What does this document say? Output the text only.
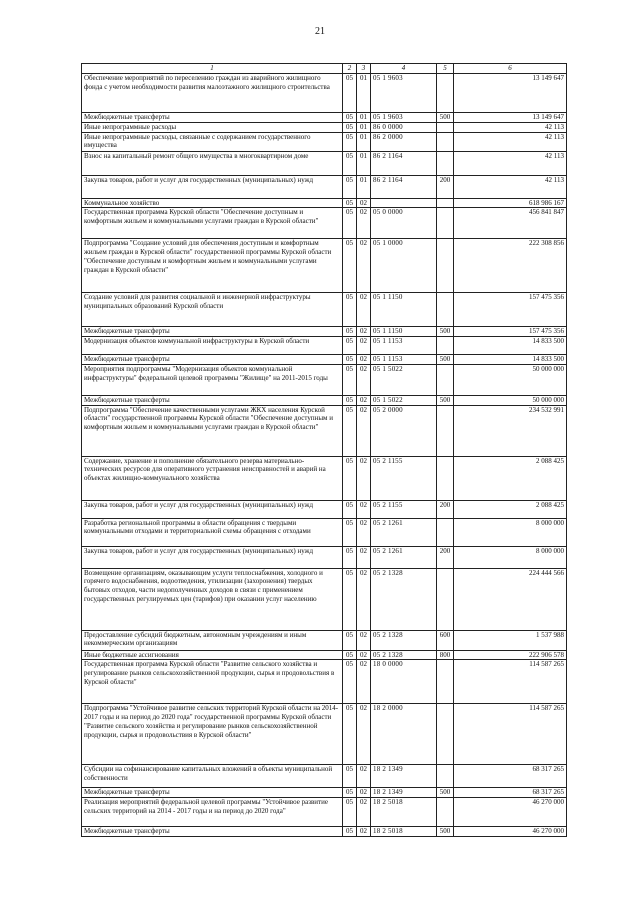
21
1	2	3	4	5	6
Обеспечение мероприятий по переселению граждан из аварийного жилищного фонда с учетом необходимости развития малоэтажного жилищного строительства	05	01	05 1 9603		13 149 647
Межбюджетные трансферты	05	01	05 1 9603	500	13 149 647
Иные непрограммные расходы	05	01	86 0 0000		42 113
Иные непрограммные расходы, связанные с содержанием государственного имущества	05	01	86 2 0000		42 113
Взнос на капитальный ремонт общего имущества в многоквартирном доме	05	01	86 2 1164		42 113
Закупка товаров, работ и услуг для государственных (муниципальных) нужд	05	01	86 2 1164	200	42 113
Коммунальное хозяйство	05	02			618 986 167
Государственная программа Курской области "Обеспечение доступным и комфортным жильем и коммунальными услугами граждан в Курской области"	05	02	05 0 0000		456 841 847
Подпрограмма "Создание условий для обеспечения доступным и комфортным жильем граждан в Курской области" государственной программы Курской области "Обеспечение доступным и комфортным жильем и коммунальными услугами граждан в Курской области"	05	02	05 1 0000		222 308 856
Создание условий для развития социальной и инженерной инфраструктуры муниципальных образований Курской области	05	02	05 1 1150		157 475 356
Межбюджетные трансферты	05	02	05 1 1150	500	157 475 356
Модернизация объектов коммунальной инфраструктуры в Курской области	05	02	05 1 1153		14 833 500
Межбюджетные трансферты	05	02	05 1 1153	500	14 833 500
Мероприятия подпрограммы "Модернизация объектов коммунальной инфраструктуры" федеральной целевой программы "Жилище" на 2011-2015 годы	05	02	05 1 5022		50 000 000
Межбюджетные трансферты	05	02	05 1 5022	500	50 000 000
Подпрограмма "Обеспечение качественными услугами ЖКХ населения Курской области" государственной программы Курской области "Обеспечение доступным и комфортным жильем и коммунальными услугами граждан в Курской области"	05	02	05 2 0000		234 532 991
Содержание, хранение и пополнение обязательного резерва материально-технических ресурсов для оперативного устранения неисправностей и аварий на объектах жилищно-коммунального хозяйства	05	02	05 2 1155		2 088 425
Закупка товаров, работ и услуг для государственных (муниципальных) нужд	05	02	05 2 1155	200	2 088 425
Разработка региональной программы в области обращения с твердыми коммунальными отходами и территориальной схемы обращения с отходами	05	02	05 2 1261		8 000 000
Закупка товаров, работ и услуг для государственных (муниципальных) нужд	05	02	05 2 1261	200	8 000 000
Возмещение организациям, оказывающим услуги теплоснабжения, холодного и горячего водоснабжения, водоотведения, утилизации (захоронения) твердых бытовых отходов, части недополученных доходов в связи с применением государственных регулируемых цен (тарифов) при оказании услуг населению	05	02	05 2 1328		224 444 566
Предоставление субсидий бюджетным, автономным учреждениям и иным некоммерческим организациям	05	02	05 2 1328	600	1 537 988
Иные бюджетные ассигнования	05	02	05 2 1328	800	222 906 578
Государственная программа Курской области "Развитие сельского хозяйства и регулирование рынков сельскохозяйственной продукции, сырья и продовольствия в Курской области"	05	02	18 0 0000		114 587 265
Подпрограмма "Устойчивое развитие сельских территорий Курской области на 2014-2017 годы и на период до 2020 года" государственной программы Курской области "Развитие сельского хозяйства и регулирование рынков сельскохозяйственной продукции, сырья и продовольствия в Курской области"	05	02	18 2 0000		114 587 265
Субсидии на софинансирование капитальных вложений в объекты муниципальной собственности	05	02	18 2 1349		68 317 265
Межбюджетные трансферты	05	02	18 2 1349	500	68 317 265
Реализация мероприятий федеральной целевой программы "Устойчивое развитие сельских территорий на 2014 - 2017 годы и на период до 2020 года"	05	02	18 2 5018		46 270 000
Межбюджетные трансферты	05	02	18 2 5018	500	46 270 000
